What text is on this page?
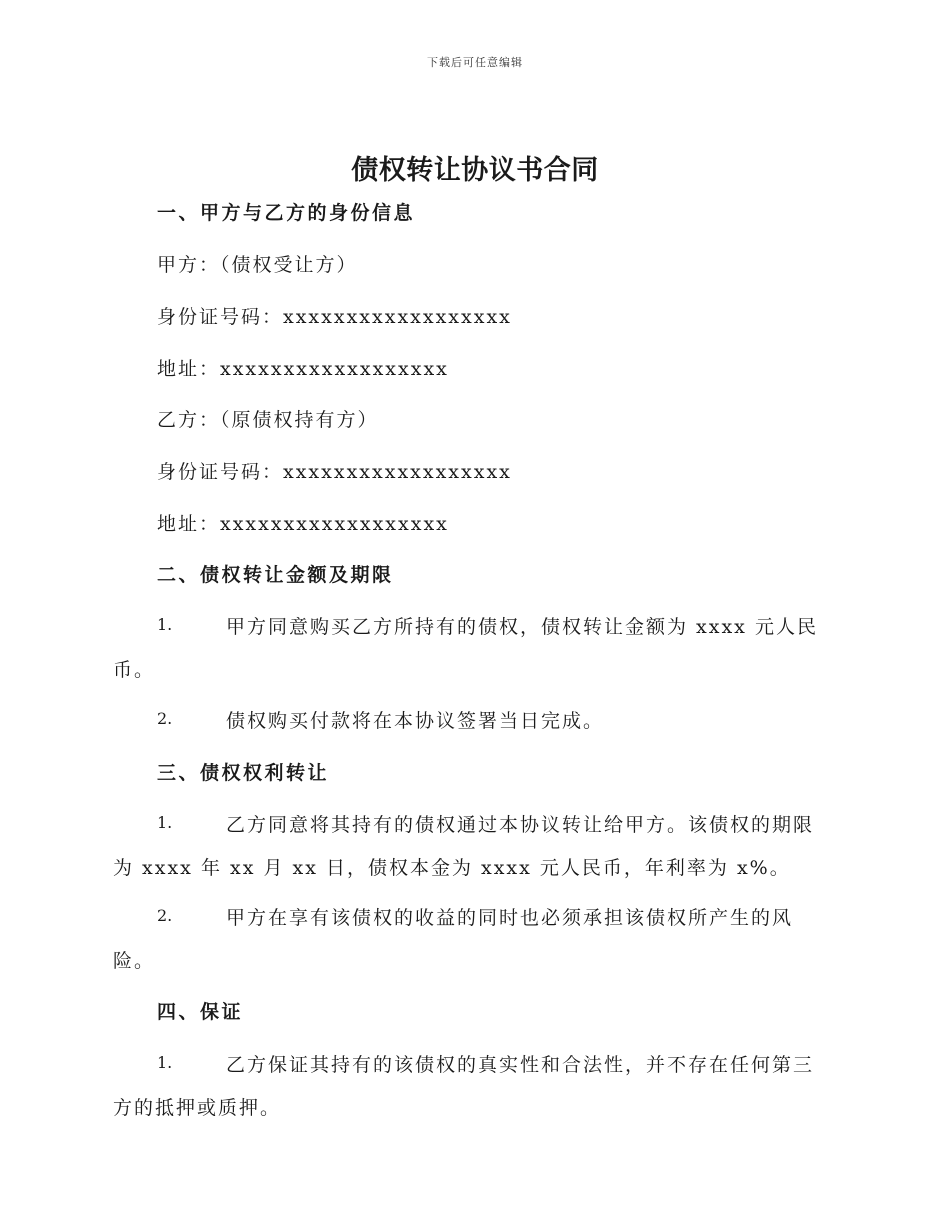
下载后可任意编辑
债权转让协议书合同
一、甲方与乙方的身份信息
甲方：（债权受让方）
身份证号码：xxxxxxxxxxxxxxxxxx
地址：xxxxxxxxxxxxxxxxxx
乙方：（原债权持有方）
身份证号码：xxxxxxxxxxxxxxxxxx
地址：xxxxxxxxxxxxxxxxxx
二、债权转让金额及期限
1.	甲方同意购买乙方所持有的债权，债权转让金额为 xxxx 元人民
币。
2.	债权购买付款将在本协议签署当日完成。
三、债权权利转让
1.	乙方同意将其持有的债权通过本协议转让给甲方。该债权的期限
为 xxxx 年 xx 月 xx 日，债权本金为 xxxx 元人民币，年利率为 x%。
2.	甲方在享有该债权的收益的同时也必须承担该债权所产生的风
险。
四、保证
1.	乙方保证其持有的该债权的真实性和合法性，并不存在任何第三
方的抵押或质押。
